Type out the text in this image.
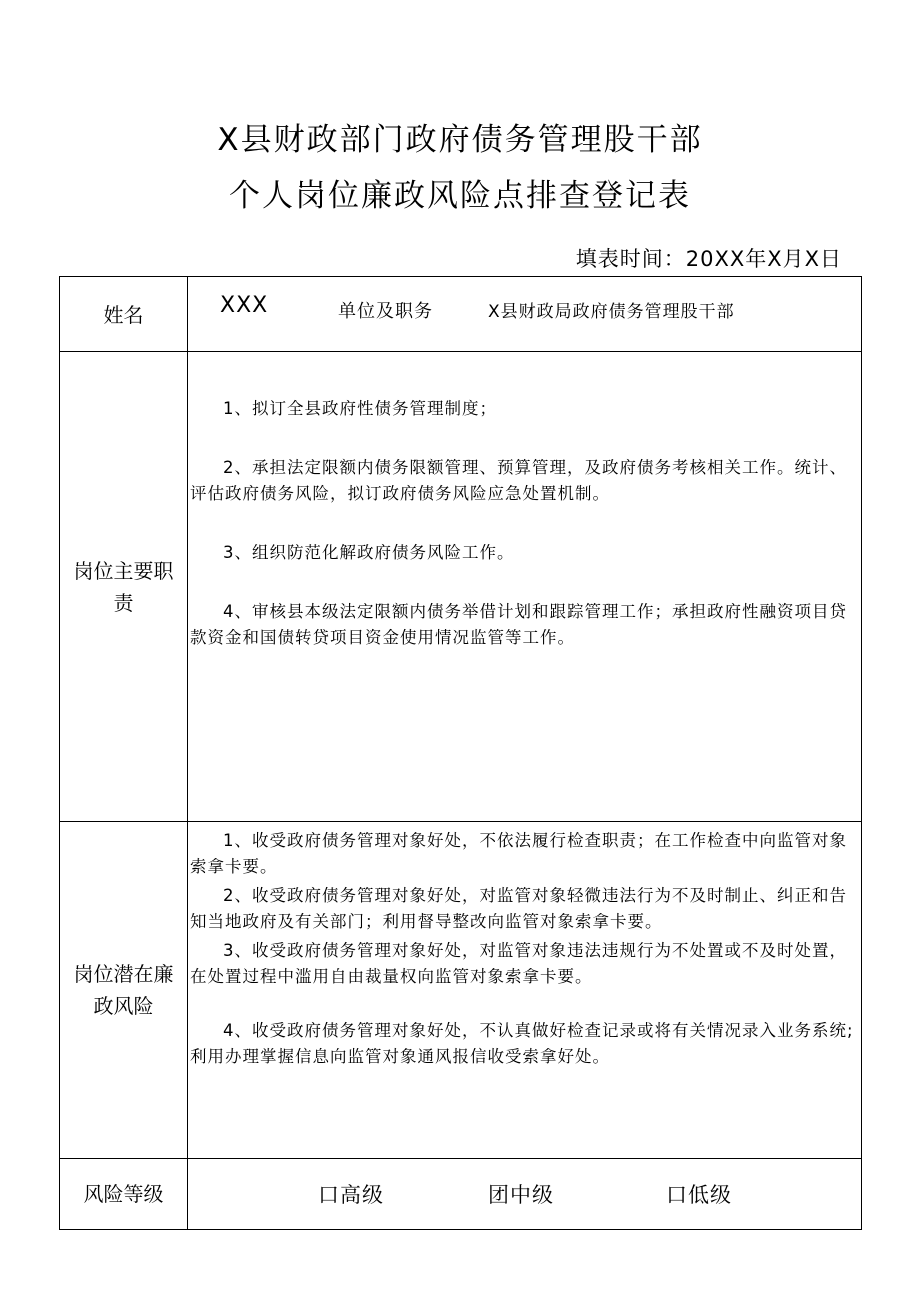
X县财政部门政府债务管理股干部
个人岗位廉政风险点排查登记表
填表时间：20XX年X月X日
姓名	XXX 单位及职务 X县财政局政府债务管理股干部

岗位主要职责	1、拟订全县政府性债务管理制度；

2、承担法定限额内债务限额管理、预算管理，及政府债务考核相关工作。统计、评估政府债务风险，拟订政府债务风险应急处置机制。

3、组织防范化解政府债务风险工作。

4、审核县本级法定限额内债务举借计划和跟踪管理工作；承担政府性融资项目贷款资金和国债转贷项目资金使用情况监管等工作。

岗位潜在廉政风险	1、收受政府债务管理对象好处，不依法履行检查职责；在工作检查中向监管对象索拿卡要。

2、收受政府债务管理对象好处，对监管对象轻微违法行为不及时制止、纠正和告知当地政府及有关部门；利用督导整改向监管对象索拿卡要。

3、收受政府债务管理对象好处，对监管对象违法违规行为不处置或不及时处置，在处置过程中滥用自由裁量权向监管对象索拿卡要。

4、收受政府债务管理对象好处，不认真做好检查记录或将有关情况录入业务系统;利用办理掌握信息向监管对象通风报信收受索拿好处。

风险等级	口高级 团中级 口低级
